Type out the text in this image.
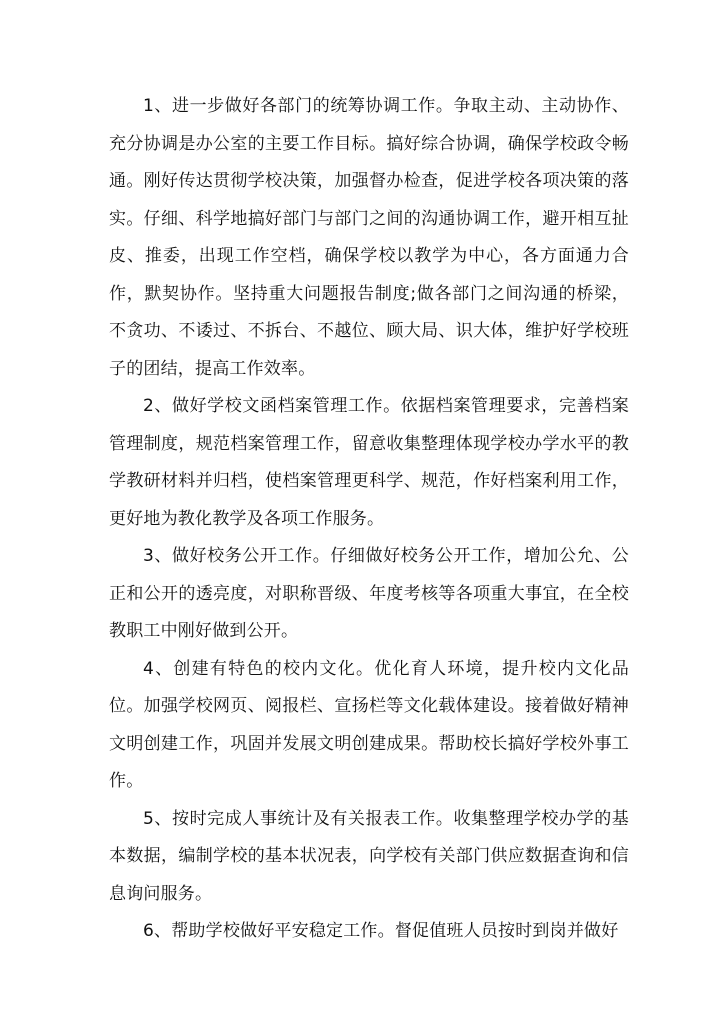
1、进一步做好各部门的统筹协调工作。争取主动、主动协作、充分协调是办公室的主要工作目标。搞好综合协调，确保学校政令畅通。刚好传达贯彻学校决策，加强督办检查，促进学校各项决策的落实。仔细、科学地搞好部门与部门之间的沟通协调工作，避开相互扯皮、推委，出现工作空档，确保学校以教学为中心，各方面通力合作，默契协作。坚持重大问题报告制度;做各部门之间沟通的桥梁，不贪功、不诿过、不拆台、不越位、顾大局、识大体，维护好学校班子的团结，提高工作效率。

2、做好学校文函档案管理工作。依据档案管理要求，完善档案管理制度，规范档案管理工作，留意收集整理体现学校办学水平的教学教研材料并归档，使档案管理更科学、规范，作好档案利用工作，更好地为教化教学及各项工作服务。

3、做好校务公开工作。仔细做好校务公开工作，增加公允、公正和公开的透亮度，对职称晋级、年度考核等各项重大事宜，在全校教职工中刚好做到公开。

4、创建有特色的校内文化。优化育人环境，提升校内文化品位。加强学校网页、阅报栏、宣扬栏等文化载体建设。接着做好精神文明创建工作，巩固并发展文明创建成果。帮助校长搞好学校外事工作。

5、按时完成人事统计及有关报表工作。收集整理学校办学的基本数据，编制学校的基本状况表，向学校有关部门供应数据查询和信息询问服务。

6、帮助学校做好平安稳定工作。督促值班人员按时到岗并做好
